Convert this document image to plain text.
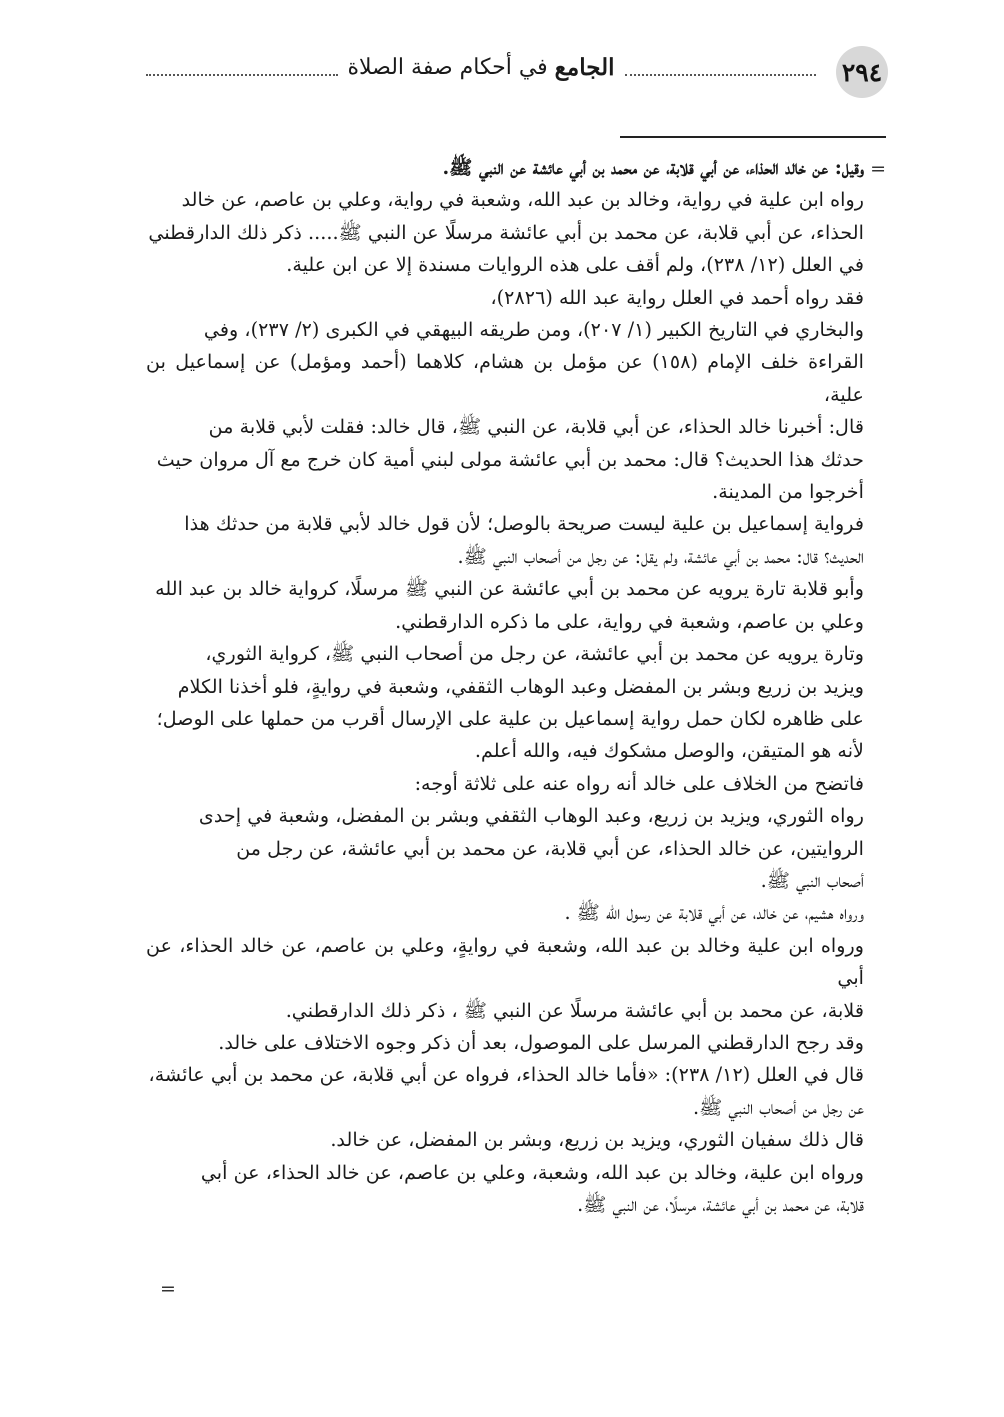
٢٩٤
الجامع
في أحكام صفة الصلاة
=

وقيل: عن خالد الحذاء، عن أبي قلابة، عن محمد بن أبي عائشة عن النبي ﷺ.

رواه ابن علية في رواية، وخالد بن عبد الله، وشعبة في رواية، وعلي بن عاصم، عن خالد

الحذاء، عن أبي قلابة، عن محمد بن أبي عائشة مرسلًا عن النبي ﷺ..... ذكر ذلك الدارقطني

في العلل (١٢/ ٢٣٨)، ولم أقف على هذه الروايات مسندة إلا عن ابن علية.

فقد رواه أحمد في العلل رواية عبد الله (٢٨٢٦)،

والبخاري في التاريخ الكبير (١/ ٢٠٧)، ومن طريقه البيهقي في الكبرى (٢/ ٢٣٧)، وفي

القراءة خلف الإمام (١٥٨) عن مؤمل بن هشام، كلاهما (أحمد ومؤمل) عن إسماعيل بن علية،

قال: أخبرنا خالد الحذاء، عن أبي قلابة، عن النبي ﷺ، قال خالد: فقلت لأبي قلابة من

حدثك هذا الحديث؟ قال: محمد بن أبي عائشة مولى لبني أمية كان خرج مع آل مروان حيث

أخرجوا من المدينة.

فرواية إسماعيل بن علية ليست صريحة بالوصل؛ لأن قول خالد لأبي قلابة من حدثك هذا

الحديث؟ قال: محمد بن أبي عائشة، ولم يقل: عن رجل من أصحاب النبي ﷺ.

وأبو قلابة تارة يرويه عن محمد بن أبي عائشة عن النبي ﷺ مرسلًا، كرواية خالد بن عبد الله

وعلي بن عاصم، وشعبة في رواية، على ما ذكره الدارقطني.

وتارة يرويه عن محمد بن أبي عائشة، عن رجل من أصحاب النبي ﷺ، كرواية الثوري،

ويزيد بن زريع وبشر بن المفضل وعبد الوهاب الثقفي، وشعبة في روايةٍ، فلو أخذنا الكلام

على ظاهره لكان حمل رواية إسماعيل بن علية على الإرسال أقرب من حملها على الوصل؛

لأنه هو المتيقن، والوصل مشكوك فيه، والله أعلم.

فاتضح من الخلاف على خالد أنه رواه عنه على ثلاثة أوجه:

رواه الثوري، ويزيد بن زريع، وعبد الوهاب الثقفي وبشر بن المفضل، وشعبة في إحدى

الروايتين، عن خالد الحذاء، عن أبي قلابة، عن محمد بن أبي عائشة، عن رجل من

أصحاب النبي ﷺ.

ورواه هشيم، عن خالد، عن أبي قلابة عن رسول الله ﷺ .

ورواه ابن علية وخالد بن عبد الله، وشعبة في روايةٍ، وعلي بن عاصم، عن خالد الحذاء، عن أبي

قلابة، عن محمد بن أبي عائشة مرسلًا عن النبي ﷺ ، ذكر ذلك الدارقطني.

وقد رجح الدارقطني المرسل على الموصول، بعد أن ذكر وجوه الاختلاف على خالد.

قال في العلل (١٢/ ٢٣٨): «فأما خالد الحذاء، فرواه عن أبي قلابة، عن محمد بن أبي عائشة،

عن رجل من أصحاب النبي ﷺ.

قال ذلك سفيان الثوري، ويزيد بن زريع، وبشر بن المفضل، عن خالد.

ورواه ابن علية، وخالد بن عبد الله، وشعبة، وعلي بن عاصم، عن خالد الحذاء، عن أبي

قلابة، عن محمد بن أبي عائشة، مرسلًا، عن النبي ﷺ.

=
